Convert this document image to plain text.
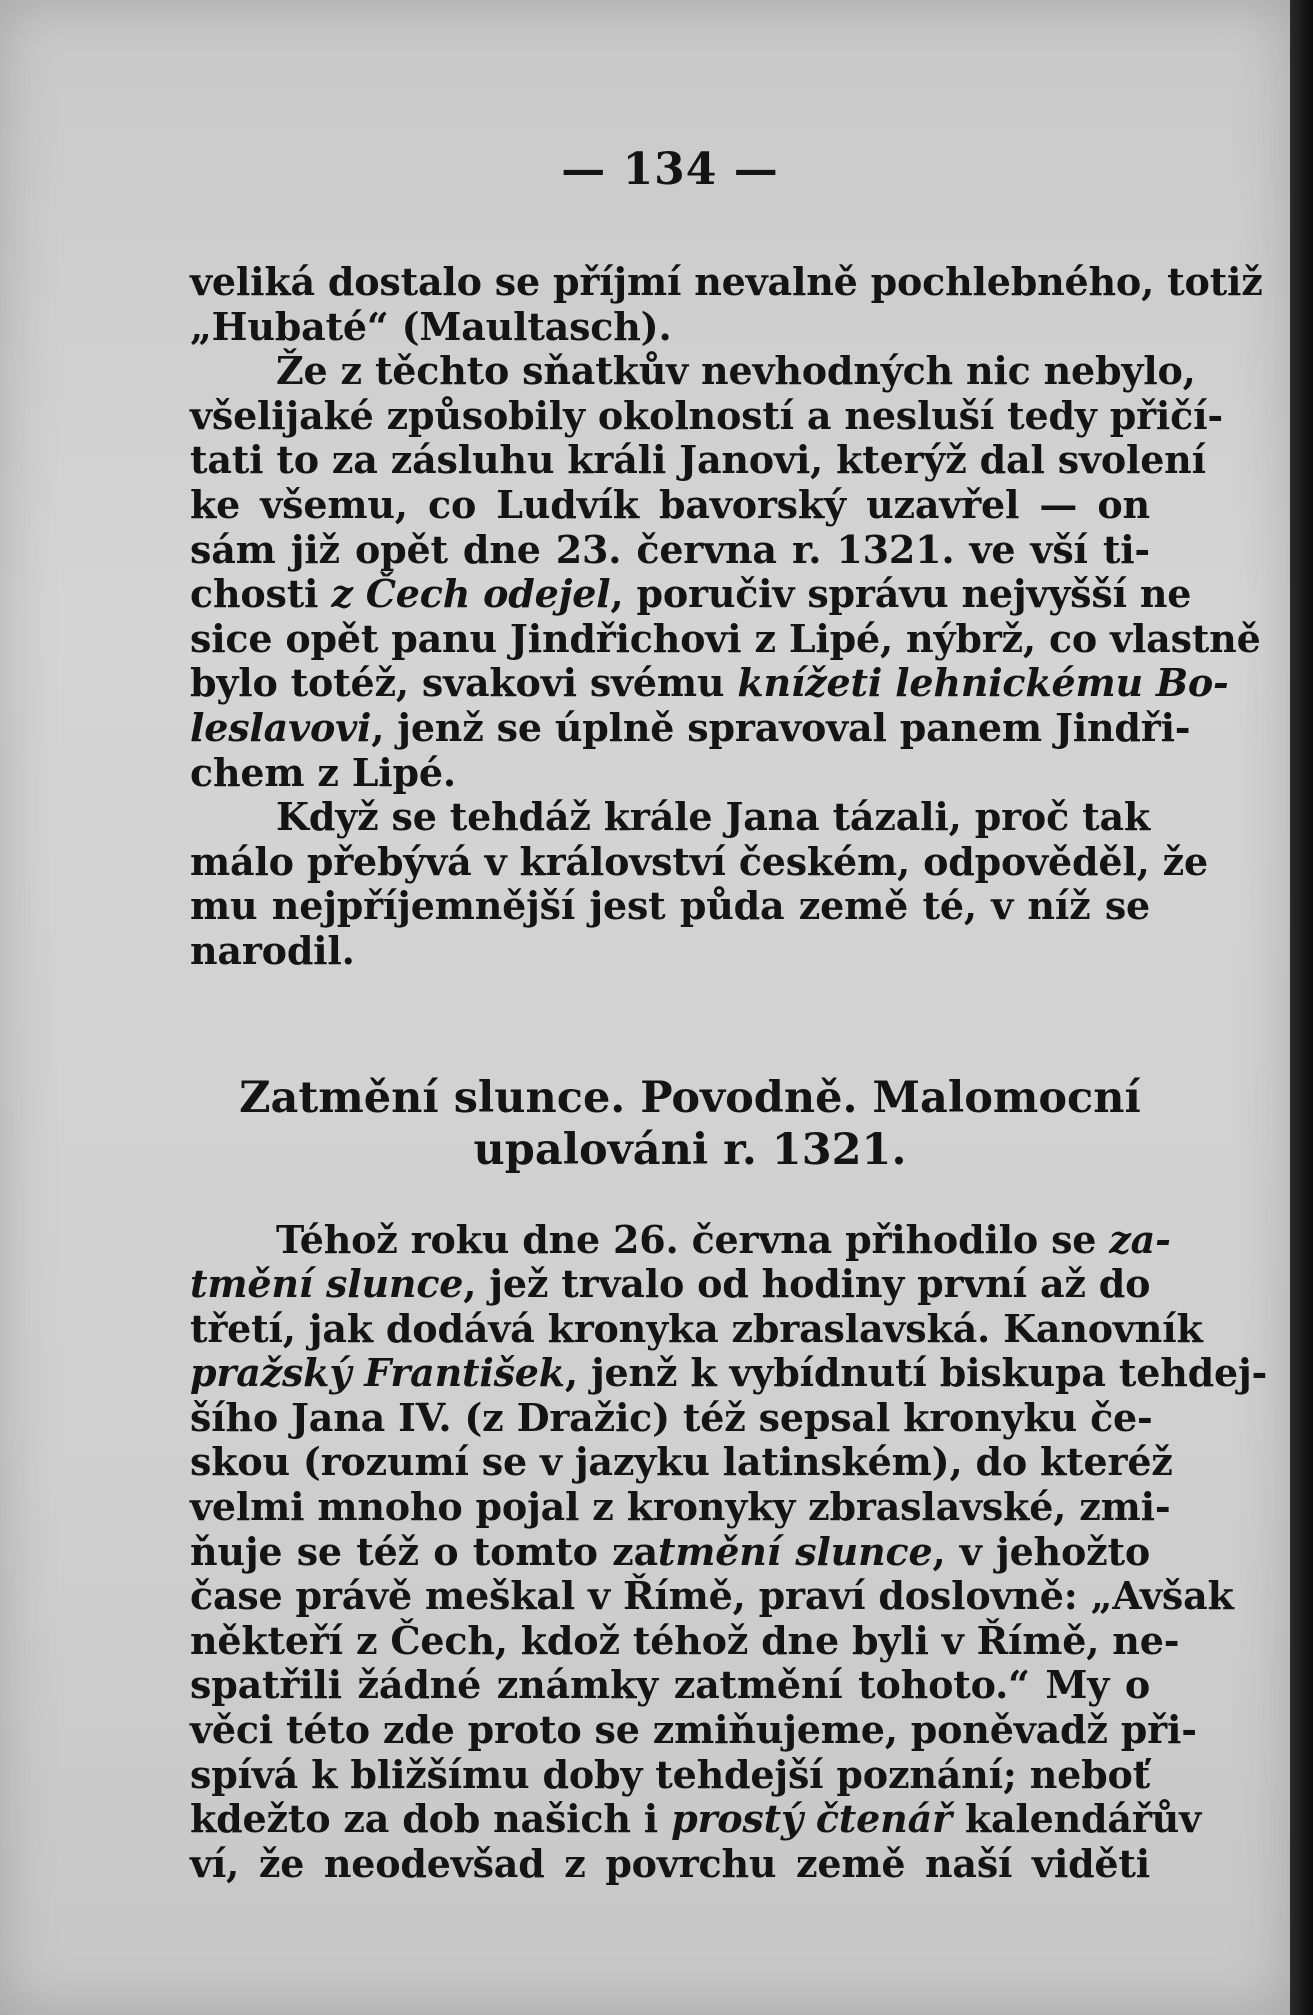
— 134 —

veliká dostalo se příjmí nevalně pochlebného, totiž
„Hubaté“ (Maultasch).

Že z těchto sňatkův nevhodných nic nebylo,
všelijaké způsobily okolností a nesluší tedy přičí-
tati to za zásluhu králi Janovi, kterýž dal svolení
ke všemu, co Ludvík bavorský uzavřel — on
sám již opět dne 23. června r. 1321. ve vší ti-
chosti z Čech odejel, poručiv správu nejvyšší ne
sice opět panu Jindřichovi z Lipé, nýbrž, co vlastně
bylo totéž, svakovi svému knížeti lehnickému Bo-
leslavovi, jenž se úplně spravoval panem Jindři-
chem z Lipé.

Když se tehdáž krále Jana tázali, proč tak
málo přebývá v království českém, odpověděl, že
mu nejpříjemnější jest půda země té, v níž se
narodil.

Zatmění slunce. Povodně. Malomocní
upalováni r. 1321.

Téhož roku dne 26. června přihodilo se za-
tmění slunce, jež trvalo od hodiny první až do
třetí, jak dodává kronyka zbraslavská. Kanovník
pražský František, jenž k vybídnutí biskupa tehdej-
šího Jana IV. (z Dražic) též sepsal kronyku če-
skou (rozumí se v jazyku latinském), do kteréž
velmi mnoho pojal z kronyky zbraslavské, zmi-
ňuje se též o tomto zatmění slunce, v jehožto
čase právě meškal v Římě, praví doslovně: „Avšak
někteří z Čech, kdož téhož dne byli v Římě, ne-
spatřili žádné známky zatmění tohoto.“ My o
věci této zde proto se zmiňujeme, poněvadž při-
spívá k bližšímu doby tehdejší poznání; neboť
kdežto za dob našich i prostý čtenář kalendářův
ví, že neodevšad z povrchu země naší viděti
